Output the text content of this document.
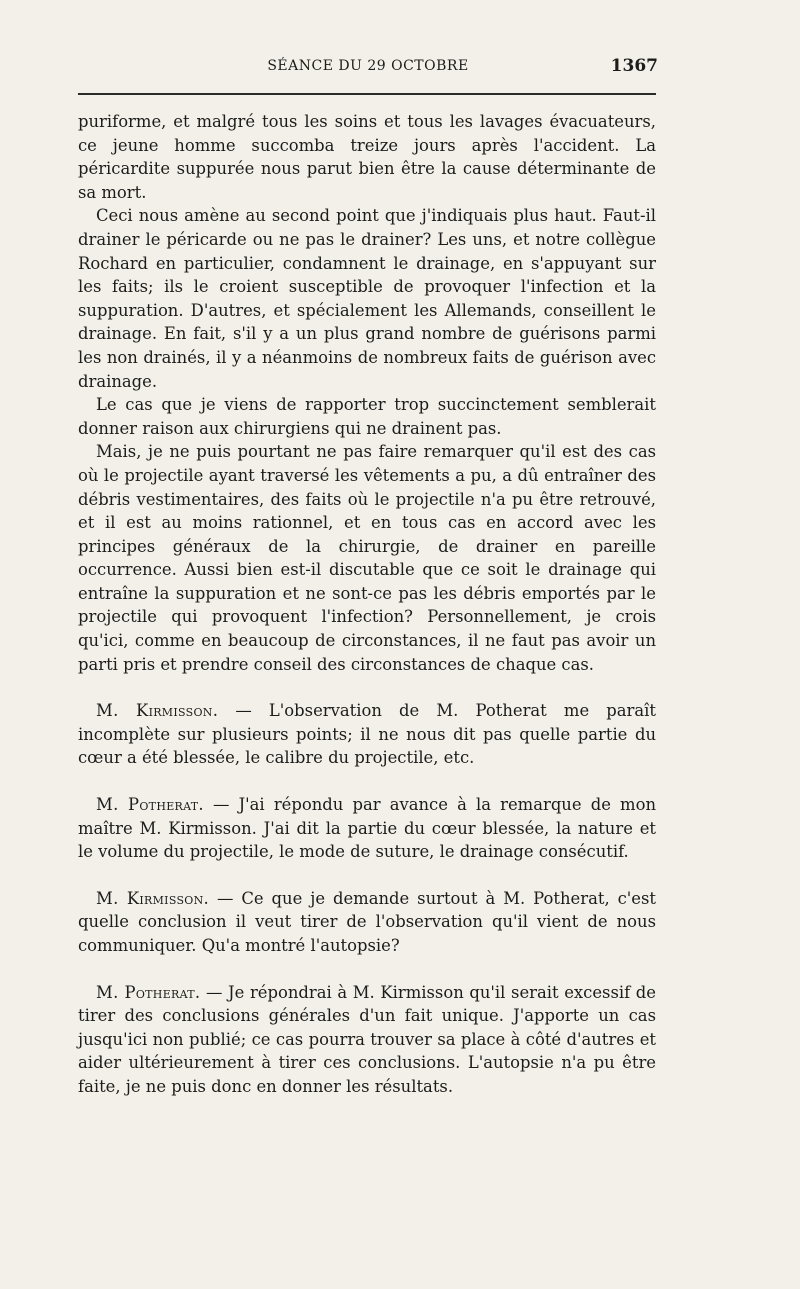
SÉANCE DU 29 OCTOBRE	1367

puriforme, et malgré tous les soins et tous les lavages évacuateurs, ce jeune homme succomba treize jours après l'accident. La péricardite suppurée nous parut bien être la cause déterminante de sa mort.

Ceci nous amène au second point que j'indiquais plus haut. Faut-il drainer le péricarde ou ne pas le drainer? Les uns, et notre collègue Rochard en particulier, condamnent le drainage, en s'appuyant sur les faits; ils le croient susceptible de provoquer l'infection et la suppuration. D'autres, et spécialement les Allemands, conseillent le drainage. En fait, s'il y a un plus grand nombre de guérisons parmi les non drainés, il y a néanmoins de nombreux faits de guérison avec drainage.

Le cas que je viens de rapporter trop succinctement semblerait donner raison aux chirurgiens qui ne drainent pas.

Mais, je ne puis pourtant ne pas faire remarquer qu'il est des cas où le projectile ayant traversé les vêtements a pu, a dû entraîner des débris vestimentaires, des faits où le projectile n'a pu être retrouvé, et il est au moins rationnel, et en tous cas en accord avec les principes généraux de la chirurgie, de drainer en pareille occurrence. Aussi bien est-il discutable que ce soit le drainage qui entraîne la suppuration et ne sont-ce pas les débris emportés par le projectile qui provoquent l'infection? Personnellement, je crois qu'ici, comme en beaucoup de circonstances, il ne faut pas avoir un parti pris et prendre conseil des circonstances de chaque cas.

M. Kirmisson. — L'observation de M. Potherat me paraît incomplète sur plusieurs points; il ne nous dit pas quelle partie du cœur a été blessée, le calibre du projectile, etc.

M. Potherat. — J'ai répondu par avance à la remarque de mon maître M. Kirmisson. J'ai dit la partie du cœur blessée, la nature et le volume du projectile, le mode de suture, le drainage consécutif.

M. Kirmisson. — Ce que je demande surtout à M. Potherat, c'est quelle conclusion il veut tirer de l'observation qu'il vient de nous communiquer. Qu'a montré l'autopsie?

M. Potherat. — Je répondrai à M. Kirmisson qu'il serait excessif de tirer des conclusions générales d'un fait unique. J'apporte un cas jusqu'ici non publié; ce cas pourra trouver sa place à côté d'autres et aider ultérieurement à tirer ces conclusions. L'autopsie n'a pu être faite, je ne puis donc en donner les résultats.
